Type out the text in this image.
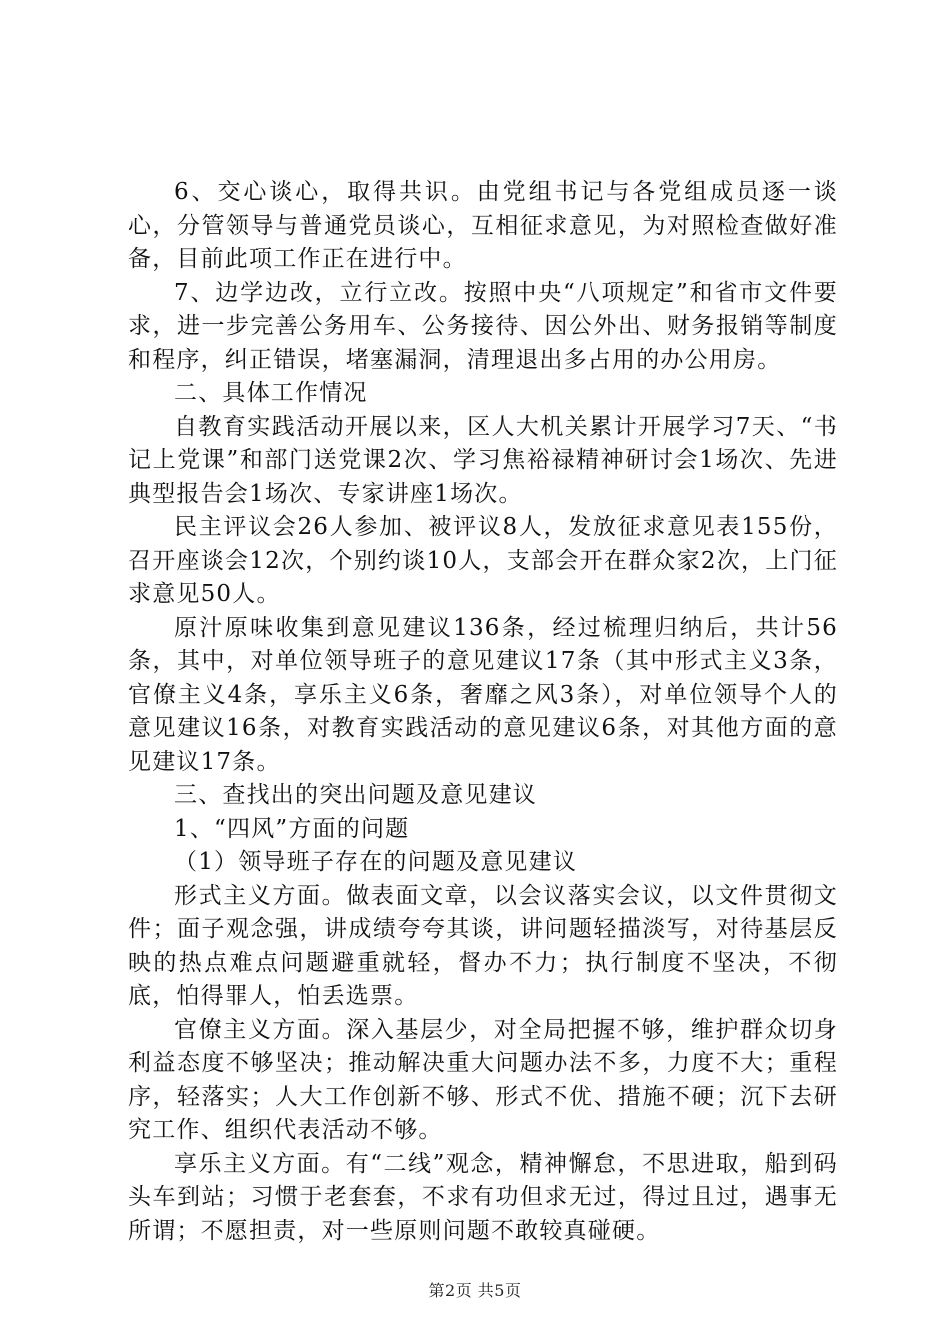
6、交心谈心，取得共识。由党组书记与各党组成员逐一谈心，分管领导与普通党员谈心，互相征求意见，为对照检查做好准备，目前此项工作正在进行中。

7、边学边改，立行立改。按照中央“八项规定”和省市文件要求，进一步完善公务用车、公务接待、因公外出、财务报销等制度和程序，纠正错误，堵塞漏洞，清理退出多占用的办公用房。

二、具体工作情况

自教育实践活动开展以来，区人大机关累计开展学习7天、“书记上党课”和部门送党课2次、学习焦裕禄精神研讨会1场次、先进典型报告会1场次、专家讲座1场次。

民主评议会26人参加、被评议8人，发放征求意见表155份，召开座谈会12次，个别约谈10人，支部会开在群众家2次，上门征求意见50人。

原汁原味收集到意见建议136条，经过梳理归纳后，共计56条，其中，对单位领导班子的意见建议17条（其中形式主义3条，官僚主义4条，享乐主义6条，奢靡之风3条），对单位领导个人的意见建议16条，对教育实践活动的意见建议6条，对其他方面的意见建议17条。

三、查找出的突出问题及意见建议

1、“四风”方面的问题

（1）领导班子存在的问题及意见建议

形式主义方面。做表面文章，以会议落实会议，以文件贯彻文件；面子观念强，讲成绩夸夸其谈，讲问题轻描淡写，对待基层反映的热点难点问题避重就轻，督办不力；执行制度不坚决，不彻底，怕得罪人，怕丢选票。

官僚主义方面。深入基层少，对全局把握不够，维护群众切身利益态度不够坚决；推动解决重大问题办法不多，力度不大；重程序，轻落实；人大工作创新不够、形式不优、措施不硬；沉下去研究工作、组织代表活动不够。

享乐主义方面。有“二线”观念，精神懈怠，不思进取，船到码头车到站；习惯于老套套，不求有功但求无过，得过且过，遇事无所谓；不愿担责，对一些原则问题不敢较真碰硬。

第2页 共5页
